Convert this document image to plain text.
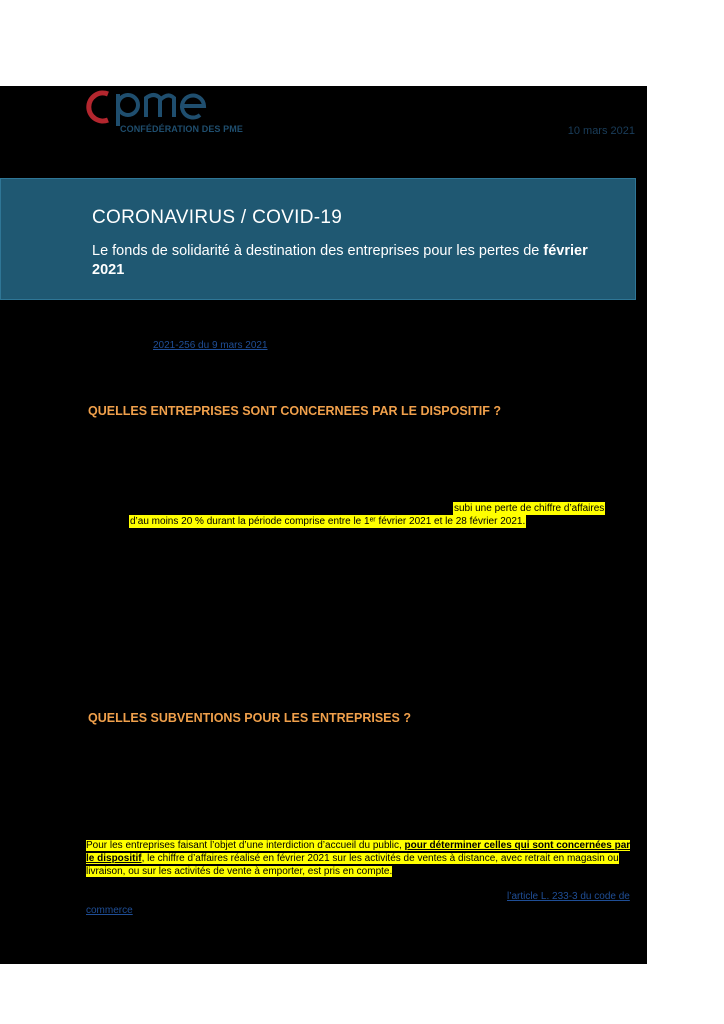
CONFÉDÉRATION DES PME	10 mars 2021
CORONAVIRUS / COVID-19
Le fonds de solidarité à destination des entreprises pour les pertes de février 2021
2021-256 du 9 mars 2021
QUELLES ENTREPRISES SONT CONCERNEES PAR LE DISPOSITIF ?
subi une perte de chiffre d’affaires
d’au moins 20 % durant la période comprise entre le 1ᵉʳ février 2021 et le 28 février 2021.
QUELLES SUBVENTIONS POUR LES ENTREPRISES ?
Pour les entreprises faisant l’objet d’une interdiction d’accueil du public, pour déterminer celles qui sont concernées par le dispositif, le chiffre d’affaires réalisé en février 2021 sur les activités de ventes à distance, avec retrait en magasin ou livraison, ou sur les activités de vente à emporter, est pris en compte.
l’article L. 233-3 du code de
commerce
